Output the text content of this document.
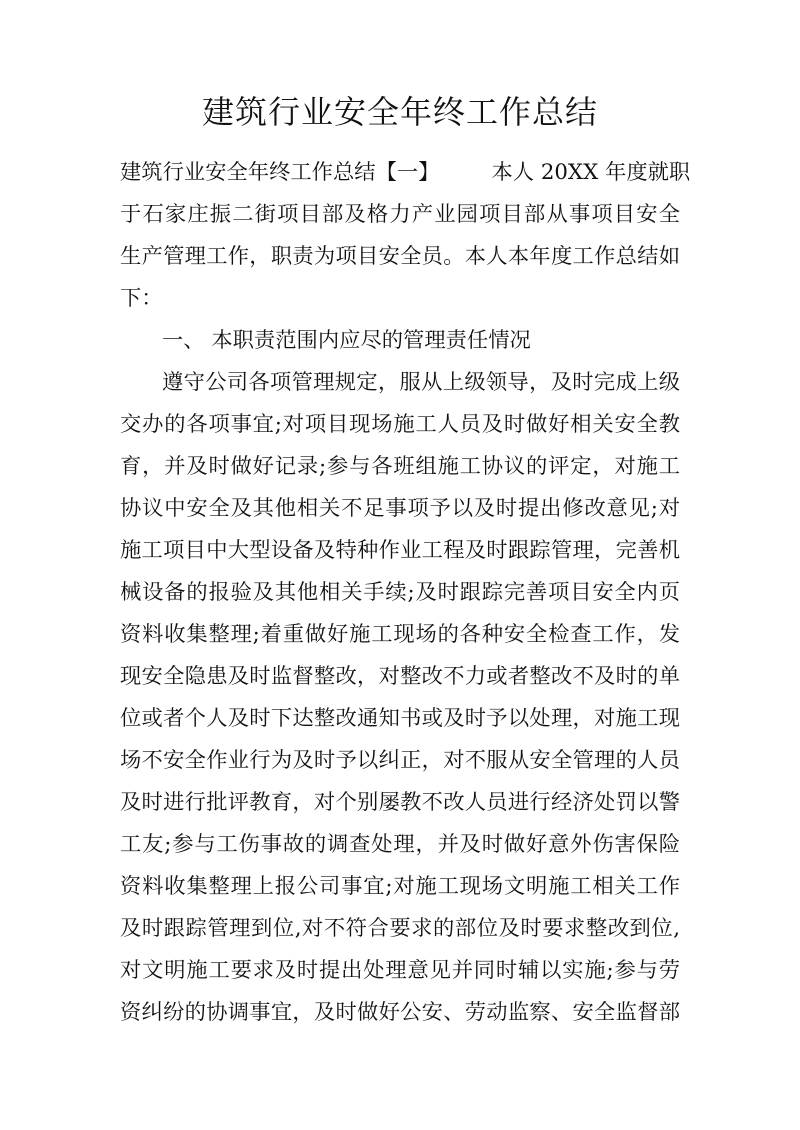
建筑行业安全年终工作总结
建筑行业安全年终工作总结【一】 本人 20XX 年度就职
于石家庄振二街项目部及格力产业园项目部从事项目安全
生产管理工作，职责为项目安全员。本人本年度工作总结如
下：
一、 本职责范围内应尽的管理责任情况
遵守公司各项管理规定，服从上级领导，及时完成上级
交办的各项事宜;对项目现场施工人员及时做好相关安全教
育，并及时做好记录;参与各班组施工协议的评定，对施工
协议中安全及其他相关不足事项予以及时提出修改意见;对
施工项目中大型设备及特种作业工程及时跟踪管理，完善机
械设备的报验及其他相关手续;及时跟踪完善项目安全内页
资料收集整理;着重做好施工现场的各种安全检查工作，发
现安全隐患及时监督整改，对整改不力或者整改不及时的单
位或者个人及时下达整改通知书或及时予以处理，对施工现
场不安全作业行为及时予以纠正，对不服从安全管理的人员
及时进行批评教育，对个别屡教不改人员进行经济处罚以警
工友;参与工伤事故的调查处理，并及时做好意外伤害保险
资料收集整理上报公司事宜;对施工现场文明施工相关工作
及时跟踪管理到位,对不符合要求的部位及时要求整改到位,
对文明施工要求及时提出处理意见并同时辅以实施;参与劳
资纠纷的协调事宜，及时做好公安、劳动监察、安全监督部
